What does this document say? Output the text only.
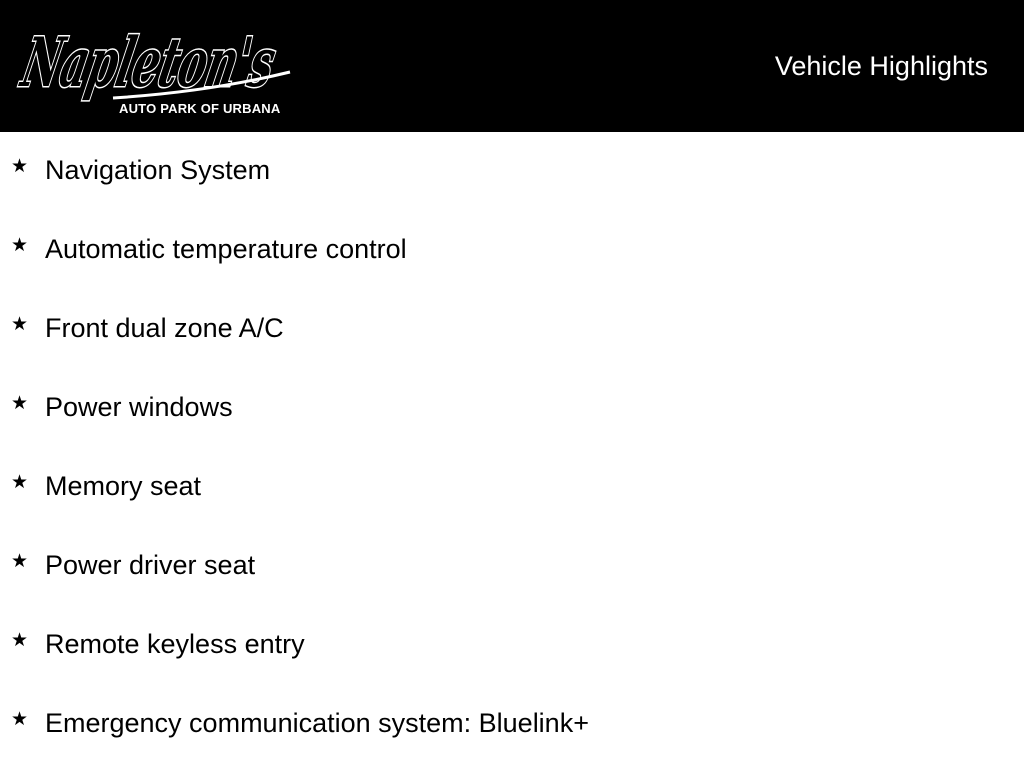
Napleton's
AUTO PARK OF URBANA
Vehicle Highlights
★ Navigation System
★ Automatic temperature control
★ Front dual zone A/C
★ Power windows
★ Memory seat
★ Power driver seat
★ Remote keyless entry
★ Emergency communication system: Bluelink+
